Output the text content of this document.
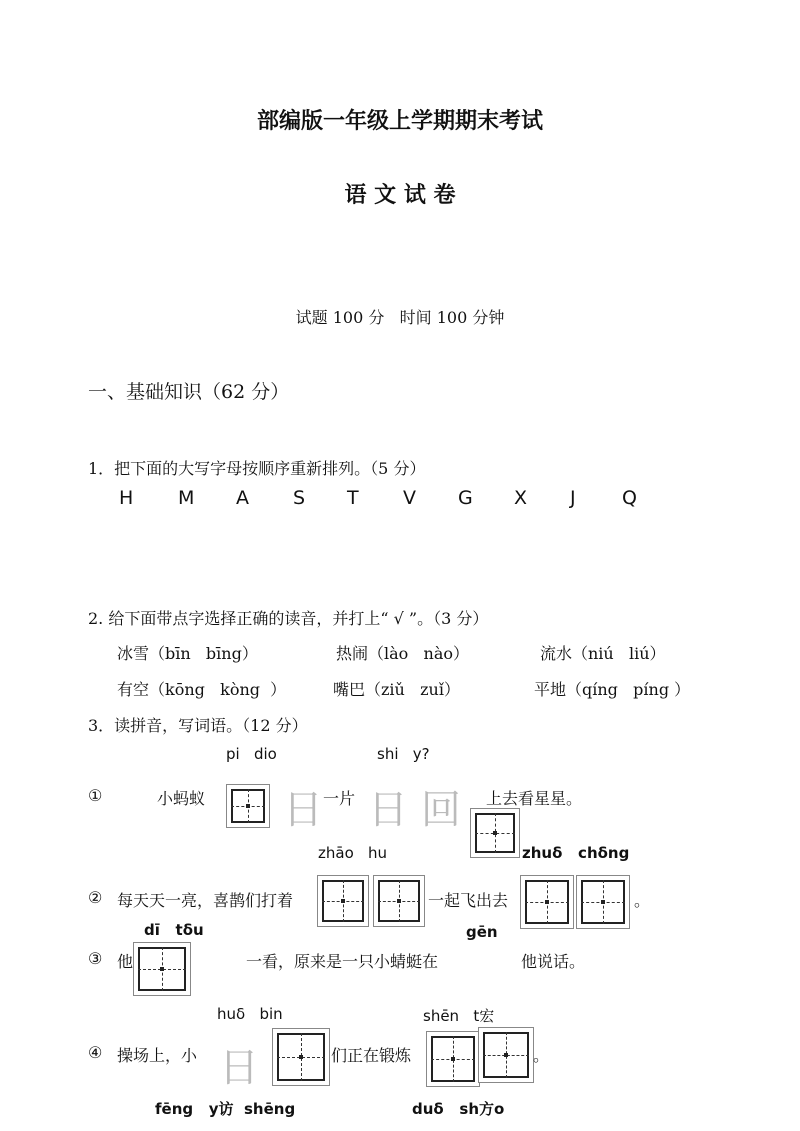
部编版一年级上学期期末考试
语 文 试 卷
试题 100 分   时间 100 分钟
一、基础知识（62 分）
1．把下面的大写字母按顺序重新排列。（5 分）
H M A S T V G X J Q
2. 给下面带点字选择正确的读音，并打上“ √ ”。（3 分）
冰雪（bīn   bīng）	热闹（lào   nào）	流水（niú   liú）
有空（kōng   kòng  ）	嘴巴（ziǔ   zuǐ）	平地（qíng   píng ）
3．读拼音，写词语。（12 分）
pi   dio	shi   y?
①	小蚂蚁 日 一片 日 回 上去看星星。
zhāo   hu	zhuδ   chδng
② 每天天一亮，喜鹊们打着	一起飞出去	。
dī   tδu	gēn
③ 他	一看，原来是一只小蜻蜓在	他说话。
huδ   bin	shēn   t宏
④ 操场上，小 日	们正在锻炼	。
fēng   y访  shēng	duδ   sh方o
